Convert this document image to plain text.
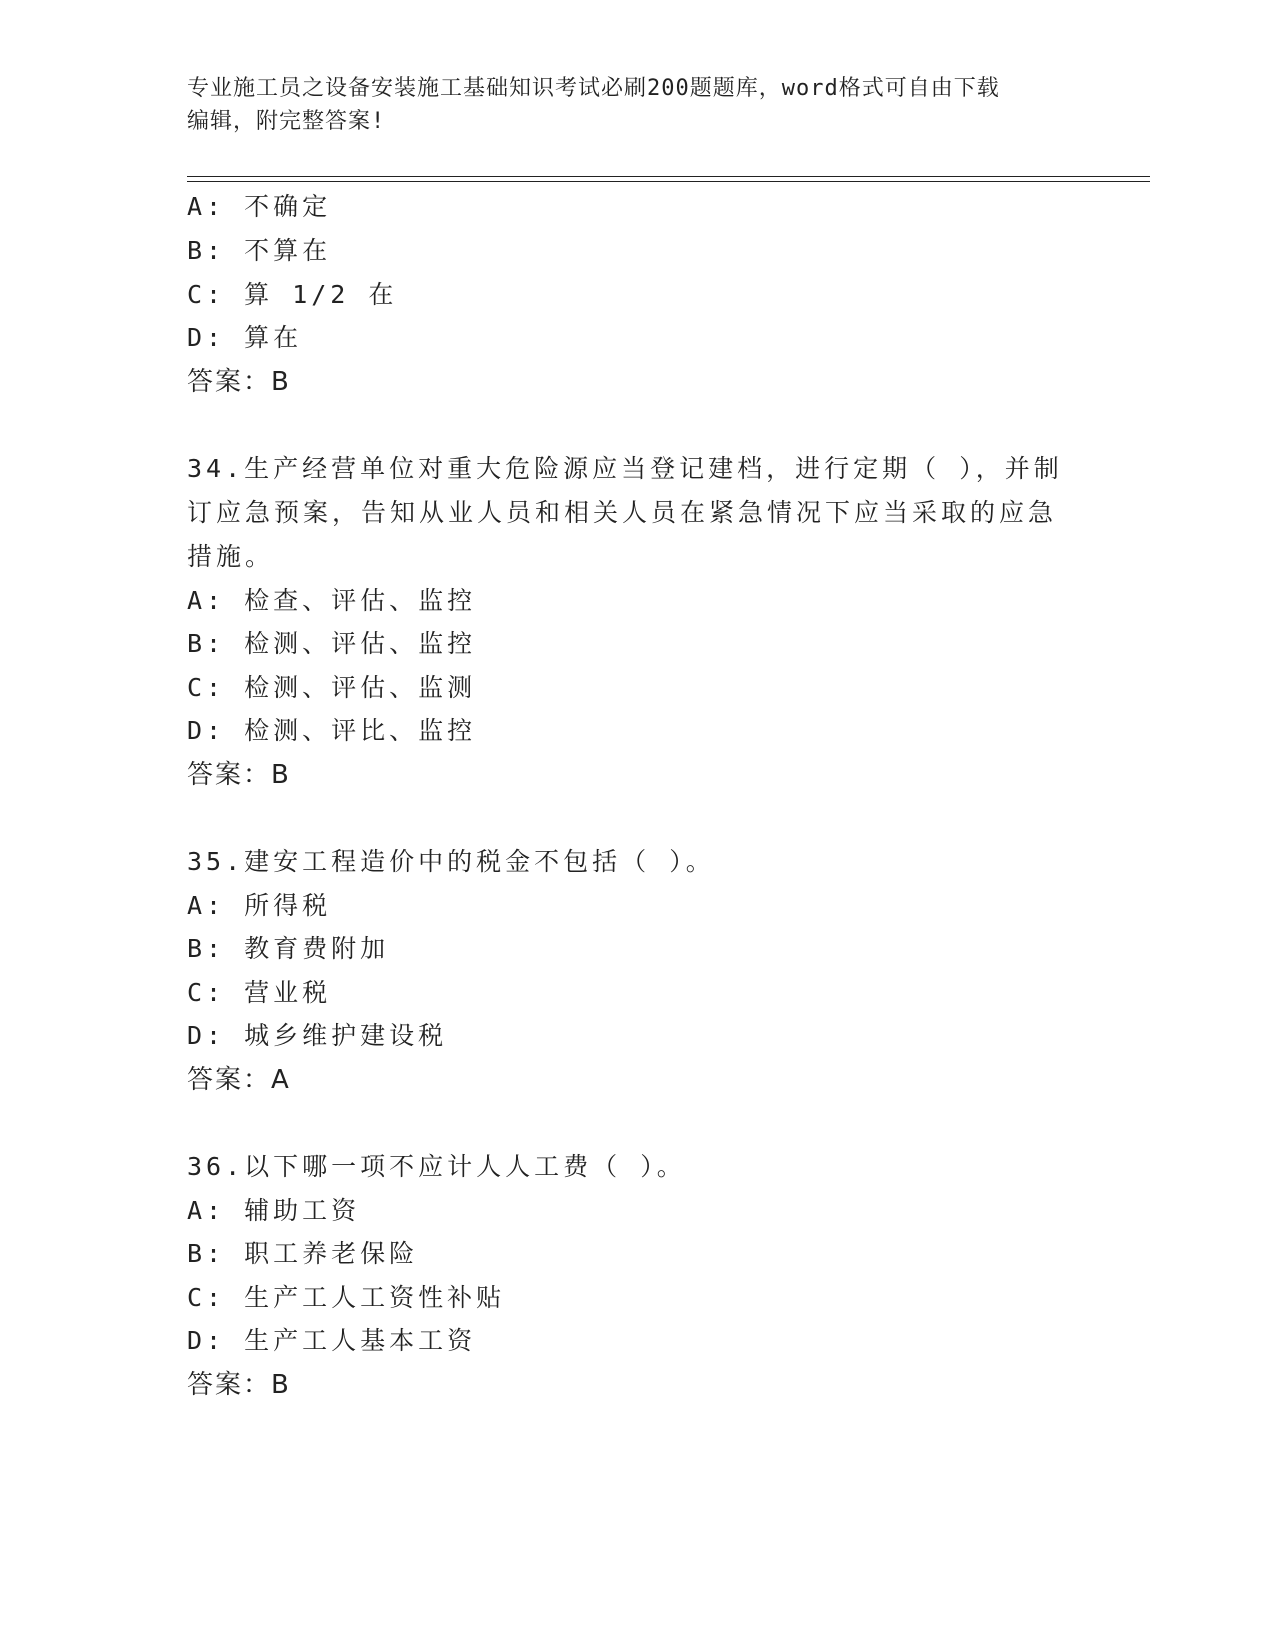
专业施工员之设备安装施工基础知识考试必刷200题题库，word格式可自由下载
编辑，附完整答案!
A: 不确定
B: 不算在
C: 算 1/2 在
D: 算在
答案：B
34.生产经营单位对重大危险源应当登记建档，进行定期（ ），并制
订应急预案，告知从业人员和相关人员在紧急情况下应当采取的应急
措施。
A: 检查、评估、监控
B: 检测、评估、监控
C: 检测、评估、监测
D: 检测、评比、监控
答案：B
35.建安工程造价中的税金不包括（ ）。
A: 所得税
B: 教育费附加
C: 营业税
D: 城乡维护建设税
答案：A
36.以下哪一项不应计人人工费（ ）。
A: 辅助工资
B: 职工养老保险
C: 生产工人工资性补贴
D: 生产工人基本工资
答案：B
